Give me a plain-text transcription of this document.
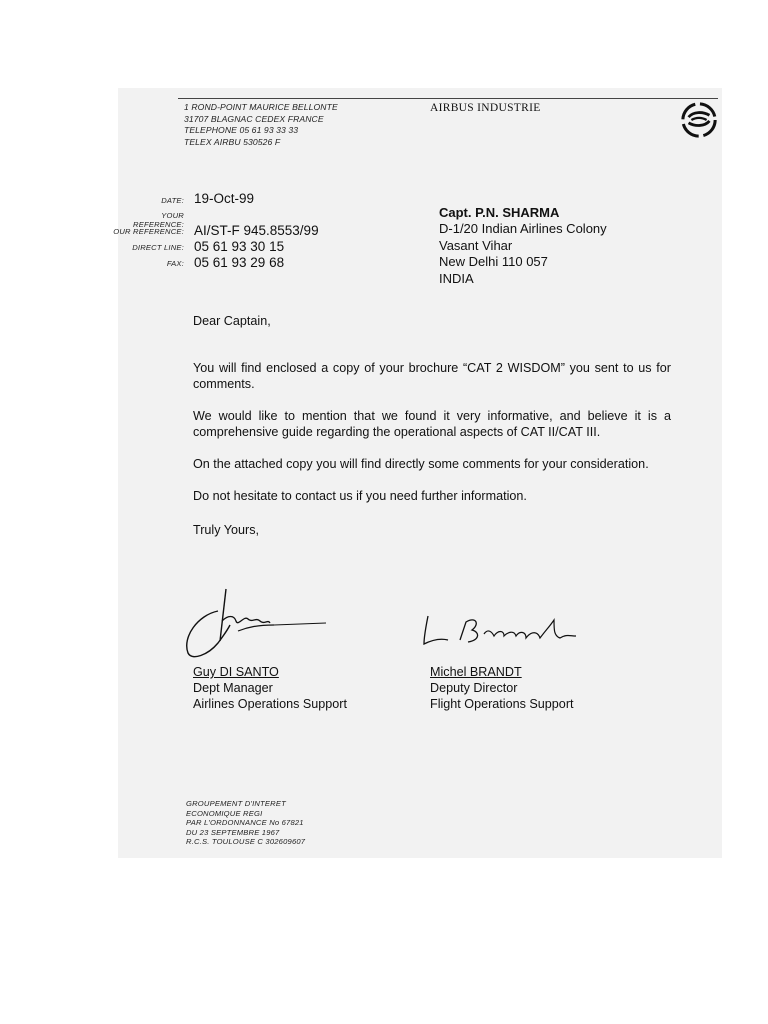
1 ROND-POINT MAURICE BELLONTE
31707 BLAGNAC CEDEX FRANCE
TELEPHONE 05 61 93 33 33
TELEX AIRBU 530526 F
AIRBUS INDUSTRIE
DATE: 19-Oct-99
YOUR REFERENCE:
OUR REFERENCE: AI/ST-F 945.8553/99
DIRECT LINE: 05 61 93 30 15
FAX: 05 61 93 29 68
Capt. P.N. SHARMA
D-1/20 Indian Airlines Colony
Vasant Vihar
New Delhi 110 057
INDIA
Dear Captain,
You will find enclosed a copy of your brochure “CAT 2 WISDOM” you sent to us for comments.
We would like to mention that we found it very informative, and believe it is a comprehensive guide regarding the operational aspects of CAT II/CAT III.
On the attached copy you will find directly some comments for your consideration.
Do not hesitate to contact us if you need further information.
Truly Yours,
Guy DI SANTO
Dept Manager
Airlines Operations Support
Michel BRANDT
Deputy Director
Flight Operations Support
GROUPEMENT D'INTERET
ECONOMIQUE REGI
PAR L'ORDONNANCE No 67821
DU 23 SEPTEMBRE 1967
R.C.S. TOULOUSE C 302609607
